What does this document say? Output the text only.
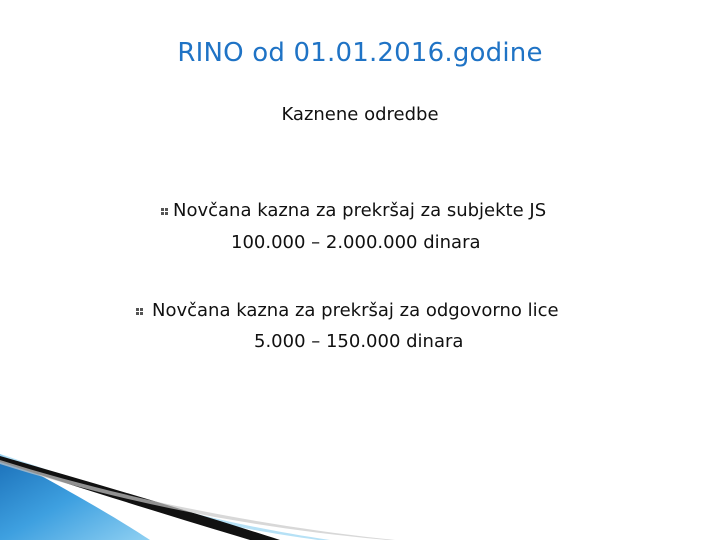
RINO od 01.01.2016.godine
Kaznene odredbe
Novčana kazna za prekršaj za subjekte JS
100.000 – 2.000.000 dinara
Novčana kazna za prekršaj za odgovorno lice
5.000 – 150.000 dinara
